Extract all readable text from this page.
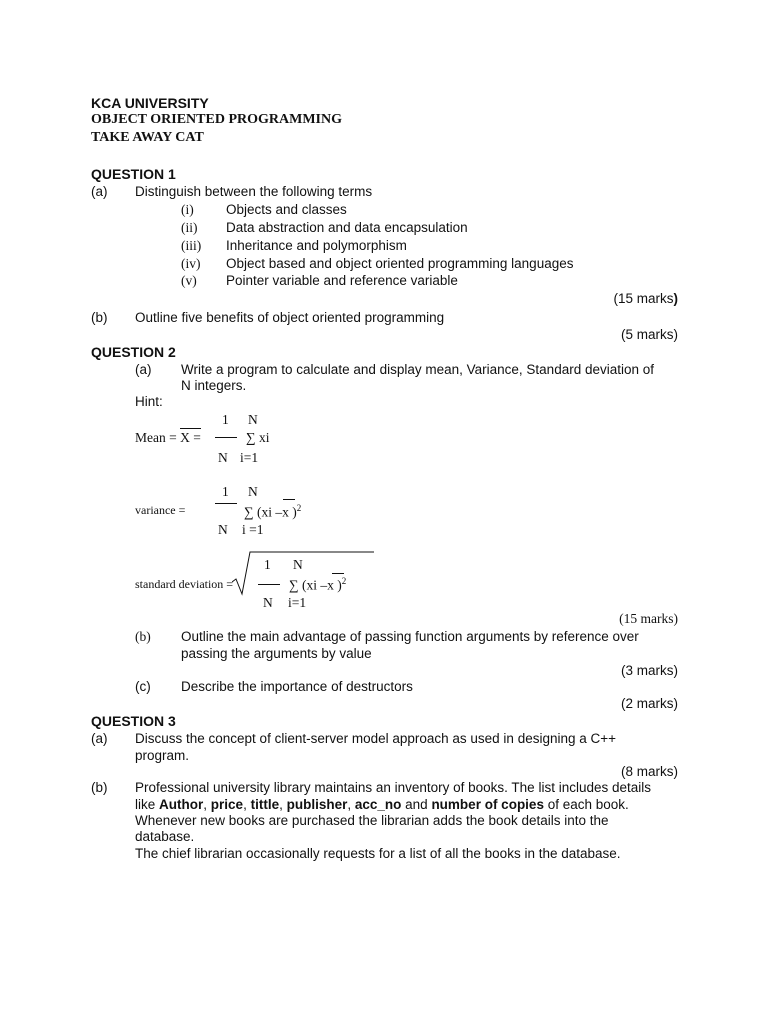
KCA UNIVERSITY
OBJECT ORIENTED PROGRAMMING
TAKE AWAY CAT
QUESTION 1
(a) Distinguish between the following terms
(i) Objects and classes
(ii) Data abstraction and data encapsulation
(iii) Inheritance and polymorphism
(iv) Object based and object oriented programming languages
(v) Pointer variable and reference variable
(15 marks)
(b) Outline five benefits of object oriented programming
(5 marks)
QUESTION 2
(a) Write a program to calculate and display mean, Variance, Standard deviation of
N integers.
Hint:
1 N
Mean = X =	∑ xi
N i=1
1 N
variance =	∑ (xi –x )$^2$
N i =1
1 N
standard deviation =	∑ (xi –x )$^2$
N i=1
(15 marks)
(b) Outline the main advantage of passing function arguments by reference over
passing the arguments by value
(3 marks)
(c) Describe the importance of destructors
(2 marks)
QUESTION 3
(a) Discuss the concept of client-server model approach as used in designing a C++
program.
(8 marks)
(b) Professional university library maintains an inventory of books. The list includes details
like Author, price, tittle, publisher, acc_no and number of copies of each book.
Whenever new books are purchased the librarian adds the book details into the
database.
The chief librarian occasionally requests for a list of all the books in the database.
